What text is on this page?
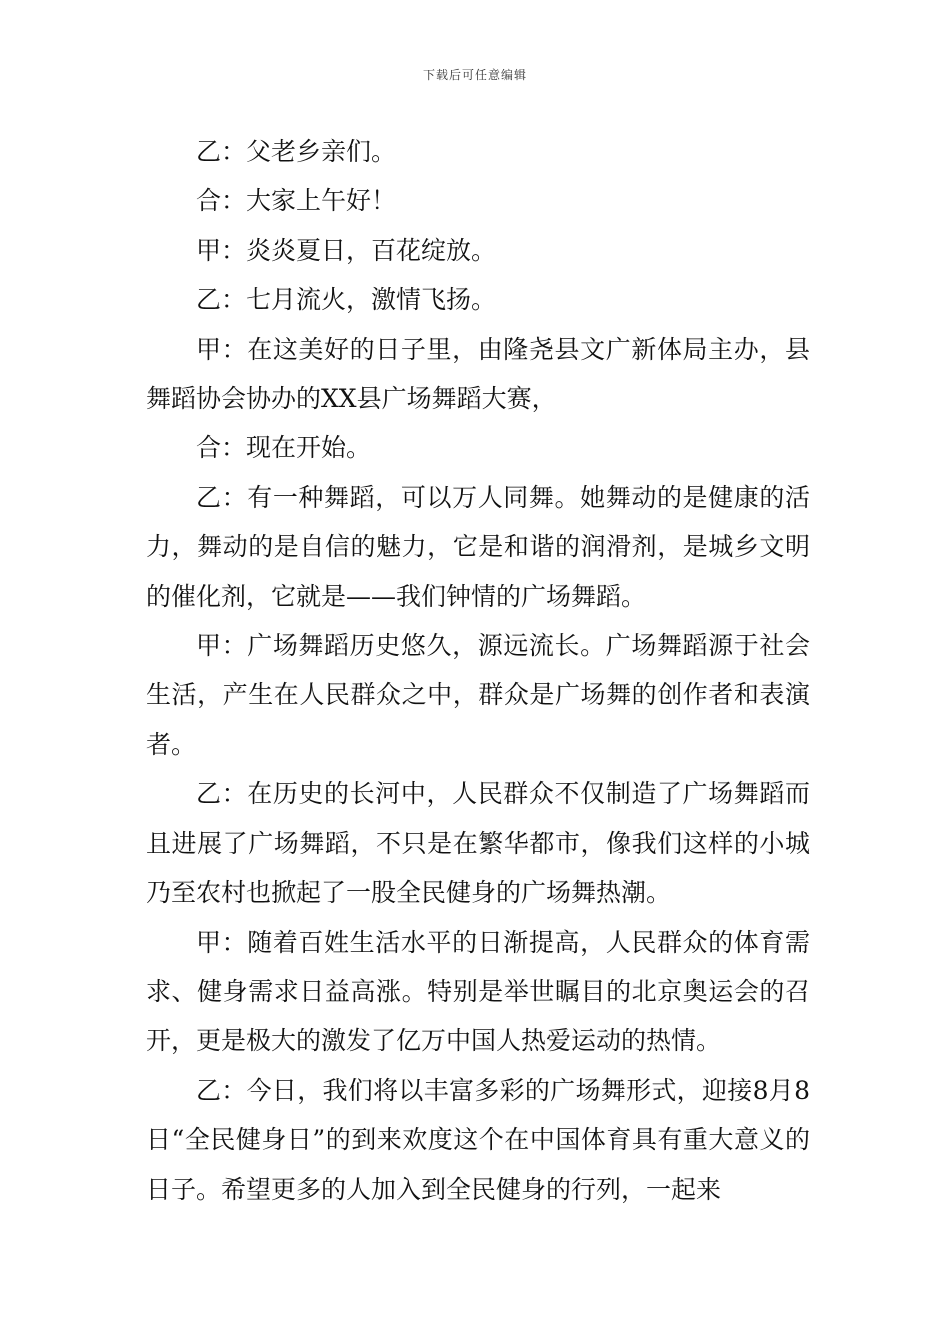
下载后可任意编辑

乙：父老乡亲们。

合：大家上午好！

甲：炎炎夏日，百花绽放。

乙：七月流火，激情飞扬。

甲：在这美好的日子里，由隆尧县文广新体局主办，县舞蹈协会协办的XX县广场舞蹈大赛，

合：现在开始。

乙：有一种舞蹈，可以万人同舞。她舞动的是健康的活力，舞动的是自信的魅力，它是和谐的润滑剂，是城乡文明的催化剂，它就是——我们钟情的广场舞蹈。

甲：广场舞蹈历史悠久，源远流长。广场舞蹈源于社会生活，产生在人民群众之中，群众是广场舞的创作者和表演者。

乙：在历史的长河中，人民群众不仅制造了广场舞蹈而且进展了广场舞蹈，不只是在繁华都市，像我们这样的小城乃至农村也掀起了一股全民健身的广场舞热潮。

甲：随着百姓生活水平的日渐提高，人民群众的体育需求、健身需求日益高涨。特别是举世瞩目的北京奥运会的召开，更是极大的激发了亿万中国人热爱运动的热情。

乙：今日，我们将以丰富多彩的广场舞形式，迎接8月8日“全民健身日”的到来欢度这个在中国体育具有重大意义的日子。希望更多的人加入到全民健身的行列，一起来
